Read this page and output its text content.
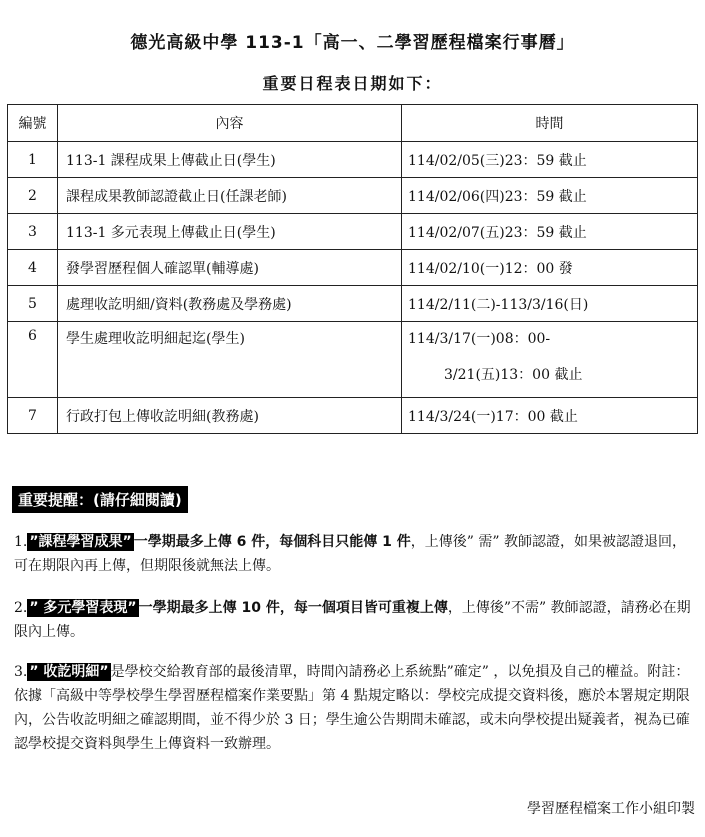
德光高級中學 113-1「高一、二學習歷程檔案行事曆」
重要日程表日期如下：
編號	內容	時間
1	113-1 課程成果上傳截止日(學生)	114/02/05(三)23：59 截止
2	課程成果教師認證截止日(任課老師)	114/02/06(四)23：59 截止
3	113-1 多元表現上傳截止日(學生)	114/02/07(五)23：59 截止
4	發學習歷程個人確認單(輔導處)	114/02/10(一)12：00 發
5	處理收訖明細/資料(教務處及學務處)	114/2/11(二)-113/3/16(日)
6	學生處理收訖明細起迄(學生)	114/3/17(一)08：00-
3/21(五)13：00 截止

7	行政打包上傳收訖明細(教務處)	114/3/24(一)17：00 截止
重要提醒：(請仔細閱讀)
1. ”課程學習成果” 一學期最多上傳 6 件，每個科目只能傳 1 件，上傳後” 需” 教師認證，如果被認證退回，可在期限內再上傳，但期限後就無法上傳。
2. ” 多元學習表現” 一學期最多上傳 10 件，每一個項目皆可重複上傳，上傳後”不需” 教師認證，請務必在期限內上傳。
3. ” 收訖明細” 是學校交給教育部的最後清單，時間內請務必上系統點”確定” ，以免損及自己的權益。附註：依據「高級中等學校學生學習歷程檔案作業要點」第 4 點規定略以：學校完成提交資料後，應於本署規定期限內，公告收訖明細之確認期間，並不得少於 3 日；學生逾公告期間未確認，或未向學校提出疑義者，視為已確認學校提交資料與學生上傳資料一致辦理。
學習歷程檔案工作小組印製
